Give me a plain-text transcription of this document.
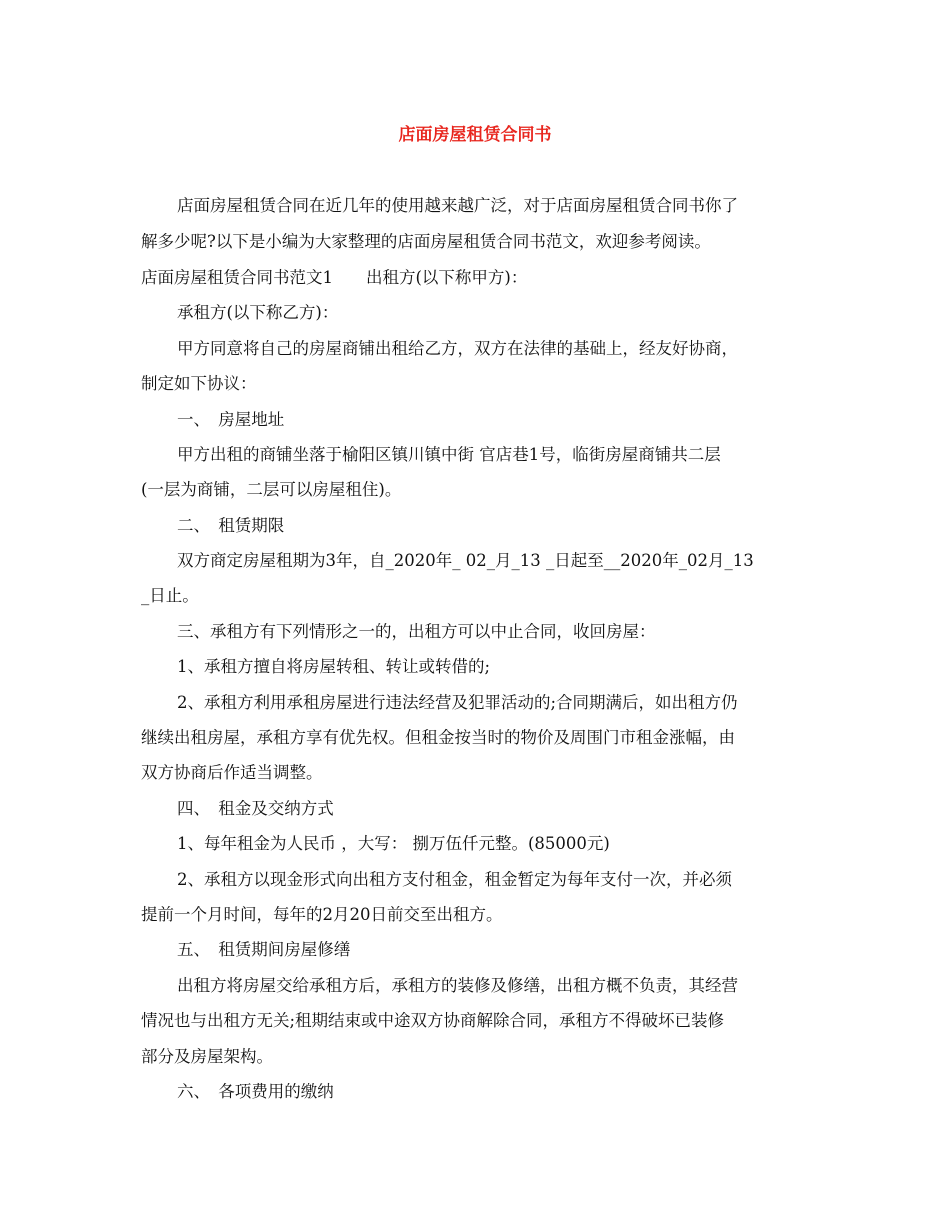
店面房屋租赁合同书
店面房屋租赁合同在近几年的使用越来越广泛，对于店面房屋租赁合同书你了
解多少呢?以下是小编为大家整理的店面房屋租赁合同书范文，欢迎参考阅读。
店面房屋租赁合同书范文1　　出租方(以下称甲方)：
承租方(以下称乙方)：
甲方同意将自己的房屋商铺出租给乙方，双方在法律的基础上，经友好协商，
制定如下协议：
一、　房屋地址
甲方出租的商铺坐落于榆阳区镇川镇中街 官店巷1号，临街房屋商铺共二层
(一层为商铺，二层可以房屋租住)。
二、　租赁期限
双方商定房屋租期为3年，自_2020年_ 02_月_13 _日起至__2020年_02月_13
_日止。
三、承租方有下列情形之一的，出租方可以中止合同，收回房屋：
1、承租方擅自将房屋转租、转让或转借的;
2、承租方利用承租房屋进行违法经营及犯罪活动的;合同期满后，如出租方仍
继续出租房屋，承租方享有优先权。但租金按当时的物价及周围门市租金涨幅，由
双方协商后作适当调整。
四、　租金及交纳方式
1、每年租金为人民币 ，大写： 捌万伍仟元整。(85000元)
2、承租方以现金形式向出租方支付租金，租金暂定为每年支付一次，并必须
提前一个月时间，每年的2月20日前交至出租方。
五、　租赁期间房屋修缮
出租方将房屋交给承租方后，承租方的装修及修缮，出租方概不负责，其经营
情况也与出租方无关;租期结束或中途双方协商解除合同，承租方不得破坏已装修
部分及房屋架构。
六、　各项费用的缴纳
